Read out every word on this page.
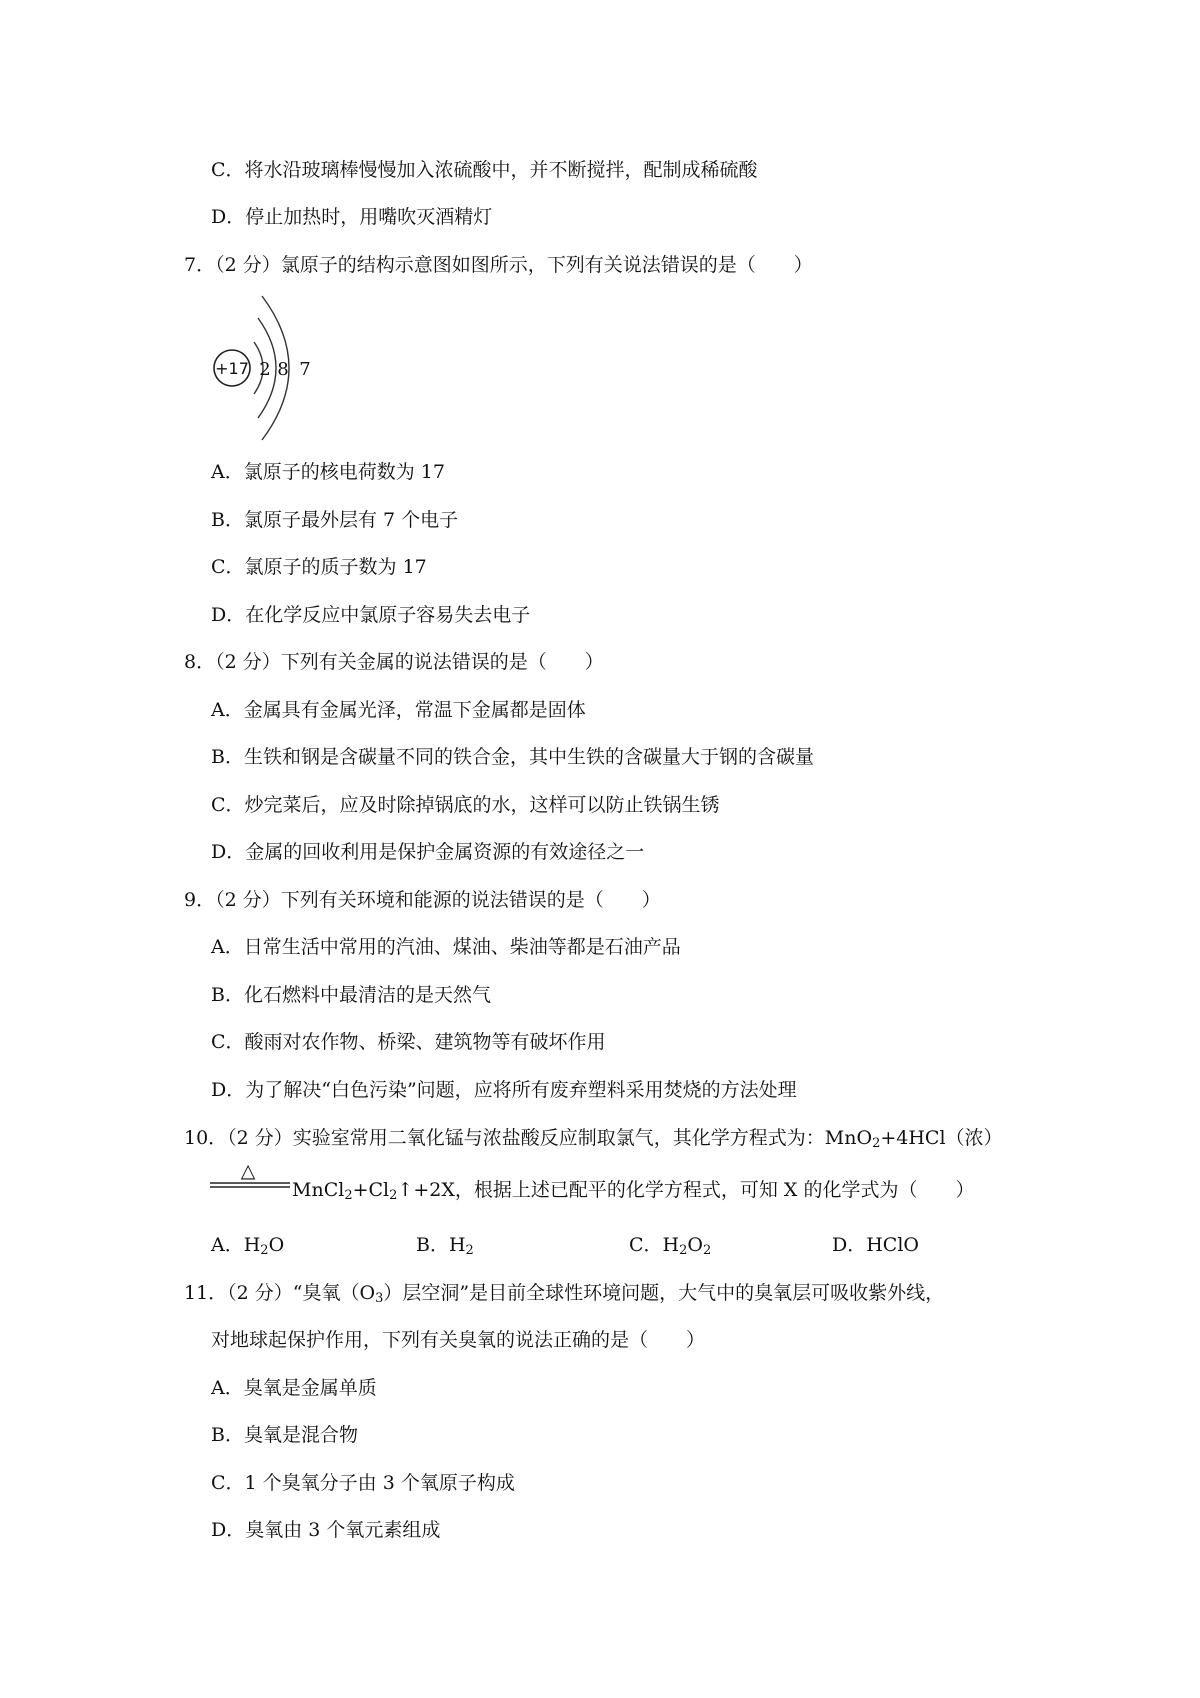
C．将水沿玻璃棒慢慢加入浓硫酸中，并不断搅拌，配制成稀硫酸
D．停止加热时，用嘴吹灭酒精灯
7．（2 分）氯原子的结构示意图如图所示，下列有关说法错误的是（　　）
+17 2 8 7
A．氯原子的核电荷数为 17
B．氯原子最外层有 7 个电子
C．氯原子的质子数为 17
D．在化学反应中氯原子容易失去电子
8．（2 分）下列有关金属的说法错误的是（　　）
A．金属具有金属光泽，常温下金属都是固体
B．生铁和钢是含碳量不同的铁合金，其中生铁的含碳量大于钢的含碳量
C．炒完菜后，应及时除掉锅底的水，这样可以防止铁锅生锈
D．金属的回收利用是保护金属资源的有效途径之一
9．（2 分）下列有关环境和能源的说法错误的是（　　）
A．日常生活中常用的汽油、煤油、柴油等都是石油产品
B．化石燃料中最清洁的是天然气
C．酸雨对农作物、桥梁、建筑物等有破坏作用
D．为了解决“白色污染”问题，应将所有废弃塑料采用焚烧的方法处理
10．（2 分）实验室常用二氧化锰与浓盐酸反应制取氯气，其化学方程式为：MnO$_2$+4HCl（浓）
△
$MnCl_2+Cl_2↑+2X$，根据上述已配平的化学方程式，可知 X 的化学式为（　　）
A．$H_2O$	B．$H_2$	C．$H_2O_2$	D．HClO
11．（2 分）“臭氧$(O_3)$层空洞”是目前全球性环境问题，大气中的臭氧层可吸收紫外线，
对地球起保护作用，下列有关臭氧的说法正确的是（　　）
A．臭氧是金属单质
B．臭氧是混合物
C．1 个臭氧分子由 3 个氧原子构成
D．臭氧由 3 个氧元素组成
